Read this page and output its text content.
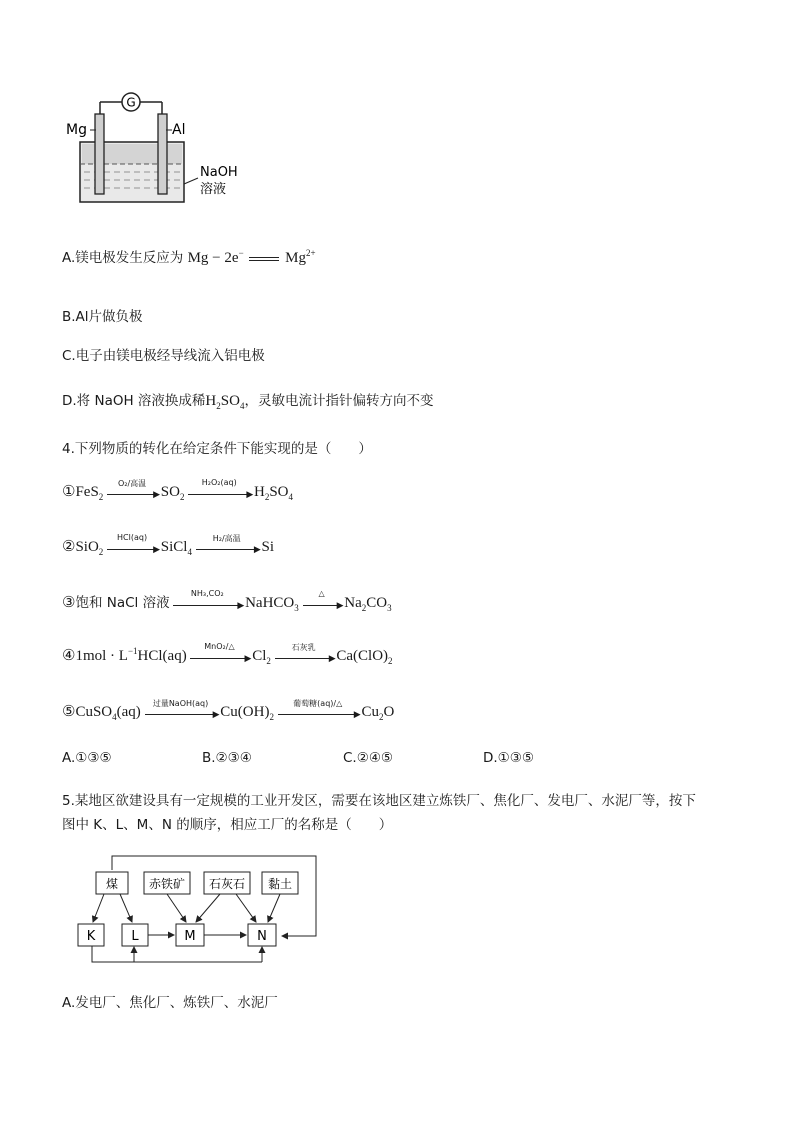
G
Mg	Al
NaOH
溶液
A.镁电极发生反应为 Mg − 2e−	$Mg^{2+}$
B.Al片做负极
C.电子由镁电极经导线流入铝电极
D.将 NaOH 溶液换成稀$H_2SO_4$，灵敏电流计指针偏转方向不变
4.下列物质的转化在给定条件下能实现的是（　　）
①FeS$_2$
O₂/高温
▶ $SO_2$
H₂O₂(aq)
▶ $H_2SO_4$
②SiO$_2$
HCl(aq)
▶ SiCl$_4$
H₂/高温
▶ Si
③饱和 NaCl 溶液
NH₃,CO₂
▶ NaHCO$_3$
△
▶ $Na_2CO_3$
④1mol · $L^{-1}HCl(aq)$
MnO₂/△
▶ $Cl_2$
石灰乳
▶ $Ca(ClO)_2$
⑤CuSO$_4$(aq)
过量NaOH(aq)
▶ $Cu(OH)_2$
葡萄糖(aq)/△
▶ $Cu_2O$
A.①③⑤	B.②③④	C.②④⑤	D.①③⑤
5.某地区欲建设具有一定规模的工业开发区，需要在该地区建立炼铁厂、焦化厂、发电厂、水泥厂等，按下
图中 K、L、M、N 的顺序，相应工厂的名称是（　　）
煤	赤铁矿 石灰石 黏土
K	L	M	N
A.发电厂、焦化厂、炼铁厂、水泥厂
